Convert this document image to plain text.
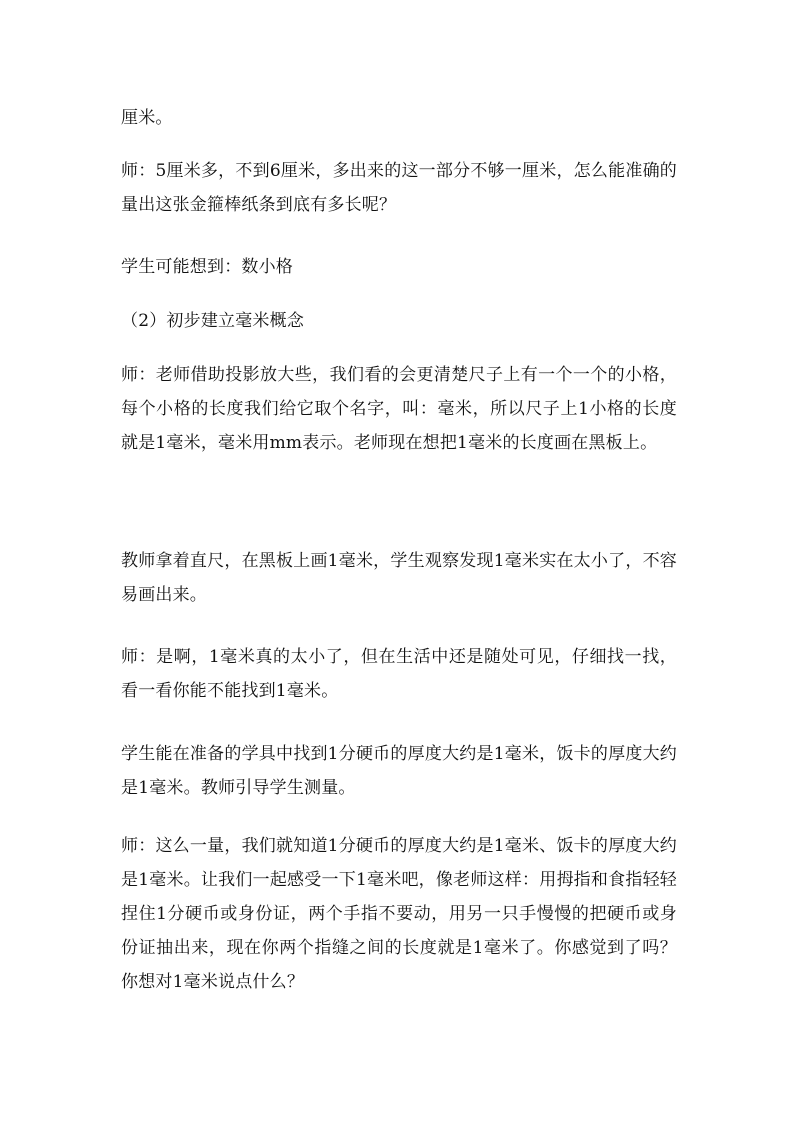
厘米。

师：5厘米多，不到6厘米，多出来的这一部分不够一厘米，怎么能准确的量出这张金箍棒纸条到底有多长呢？

学生可能想到：数小格

（2）初步建立毫米概念

师：老师借助投影放大些，我们看的会更清楚尺子上有一个一个的小格，每个小格的长度我们给它取个名字，叫：毫米，所以尺子上1小格的长度就是1毫米，毫米用mm表示。老师现在想把1毫米的长度画在黑板上。

教师拿着直尺，在黑板上画1毫米，学生观察发现1毫米实在太小了，不容易画出来。

师：是啊，1毫米真的太小了，但在生活中还是随处可见，仔细找一找，看一看你能不能找到1毫米。

学生能在准备的学具中找到1分硬币的厚度大约是1毫米，饭卡的厚度大约是1毫米。教师引导学生测量。

师：这么一量，我们就知道1分硬币的厚度大约是1毫米、饭卡的厚度大约是1毫米。让我们一起感受一下1毫米吧，像老师这样：用拇指和食指轻轻捏住1分硬币或身份证，两个手指不要动，用另一只手慢慢的把硬币或身份证抽出来，现在你两个指缝之间的长度就是1毫米了。你感觉到了吗？你想对1毫米说点什么？
